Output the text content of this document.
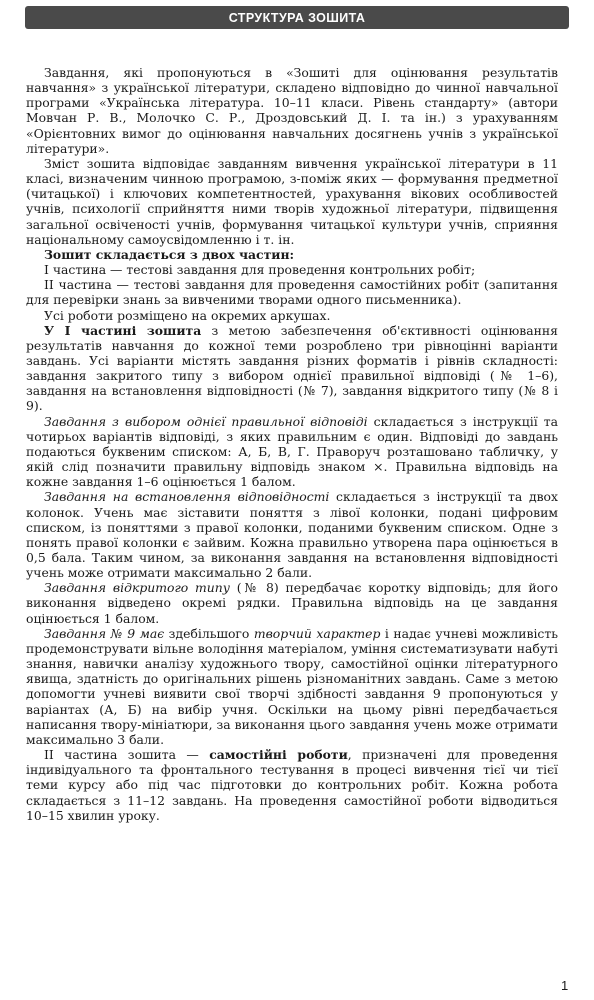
СТРУКТУРА ЗОШИТА

Завдання, які пропонуються в «Зошиті для оцінювання результатів навчання» з української літератури, складено відповідно до чинної навчальної програми «Українська література. 10–11 класи. Рівень стандарту» (автори Мовчан Р. В., Молочко С. Р., Дроздовський Д. І. та ін.) з урахуванням «Орієнтовних вимог до оцінювання навчальних досягнень учнів з української літератури».

Зміст зошита відповідає завданням вивчення української літератури в 11 класі, визначеним чинною програмою, з-поміж яких — формування предметної (читацької) і ключових компетентностей, урахування вікових особливостей учнів, психології сприйняття ними творів художньої літератури, підвищення загальної освіченості учнів, формування читацької культури учнів, сприяння національному самоусвідомленню і т. ін.

Зошит складається з двох частин:

I частина — тестові завдання для проведення контрольних робіт;

II частина — тестові завдання для проведення самостійних робіт (запитання для перевірки знань за вивченими творами одного письменника).

Усі роботи розміщено на окремих аркушах.

У I частині зошита з метою забезпечення об'єктивності оцінювання результатів навчання до кожної теми розроблено три рівноцінні варіанти завдань. Усі варіанти містять завдання різних форматів і рівнів складності: завдання закритого типу з вибором однієї правильної відповіді (№ 1–6), завдання на встановлення відповідності (№ 7), завдання відкритого типу (№ 8 і 9).

Завдання з вибором однієї правильної відповіді складається з інструкції та чотирьох варіантів відповіді, з яких правильним є один. Відповіді до завдань подаються буквеним списком: А, Б, В, Г. Праворуч розташовано табличку, у якій слід позначити правильну відповідь знаком ×. Правильна відповідь на кожне завдання 1–6 оцінюється 1 балом.

Завдання на встановлення відповідності складається з інструкції та двох колонок. Учень має зіставити поняття з лівої колонки, подані цифровим списком, із поняттями з правої колонки, поданими буквеним списком. Одне з понять правої колонки є зайвим. Кожна правильно утворена пара оцінюється в 0,5 бала. Таким чином, за виконання завдання на встановлення відповідності учень може отримати максимально 2 бали.

Завдання відкритого типу (№ 8) передбачає коротку відповідь; для його виконання відведено окремі рядки. Правильна відповідь на це завдання оцінюється 1 балом.

Завдання № 9 має здебільшого творчий характер і надає учневі можливість продемонструвати вільне володіння матеріалом, уміння систематизувати набуті знання, навички аналізу художнього твору, самостійної оцінки літературного явища, здатність до оригінальних рішень різноманітних завдань. Саме з метою допомогти учневі виявити свої творчі здібності завдання 9 пропонуються у варіантах (А, Б) на вибір учня. Оскільки на цьому рівні передбачається написання твору-мініатюри, за виконання цього завдання учень може отримати максимально 3 бали.

II частина зошита — самостійні роботи, призначені для проведення індивідуального та фронтального тестування в процесі вивчення тієї чи тієї теми курсу або під час підготовки до контрольних робіт. Кожна робота складається з 11–12 завдань. На проведення самостійної роботи відводиться 10–15 хвилин уроку.

1
